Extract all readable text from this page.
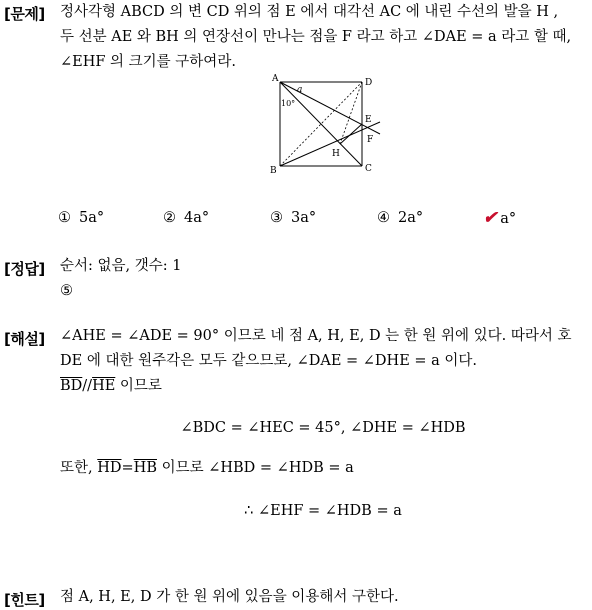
[문제] 정사각형 ABCD 의 변 CD 위의 점 E 에서 대각선 AC 에 내린 수선의 발을 H ,
두 선분 AE 와 BH 의 연장선이 만나는 점을 F 라고 하고 ∠DAE = a 라고 할 때,
∠EHF 의 크기를 구하여라.
A	D
B	C
E
F
H
a
10°
① 5a°	② 4a°	③ 3a°	④ 2a°	✔ a°
[정답] 순서: 없음, 갯수: 1
⑤
[해설] ∠AHE = ∠ADE = 90° 이므로 네 점 A, H, E, D 는 한 원 위에 있다. 따라서 호
DE 에 대한 원주각은 모두 같으므로, ∠DAE = ∠DHE = a 이다.
$\overline{BD}//\overline{HE}$ 이므로
∠BDC = ∠HEC = 45°, ∠DHE = ∠HDB
또한, $\overline{HD}=\overline{HB}$ 이므로 ∠HBD = ∠HDB = a
∴ ∠EHF = ∠HDB = a
[힌트] 점 A, H, E, D 가 한 원 위에 있음을 이용해서 구한다.
